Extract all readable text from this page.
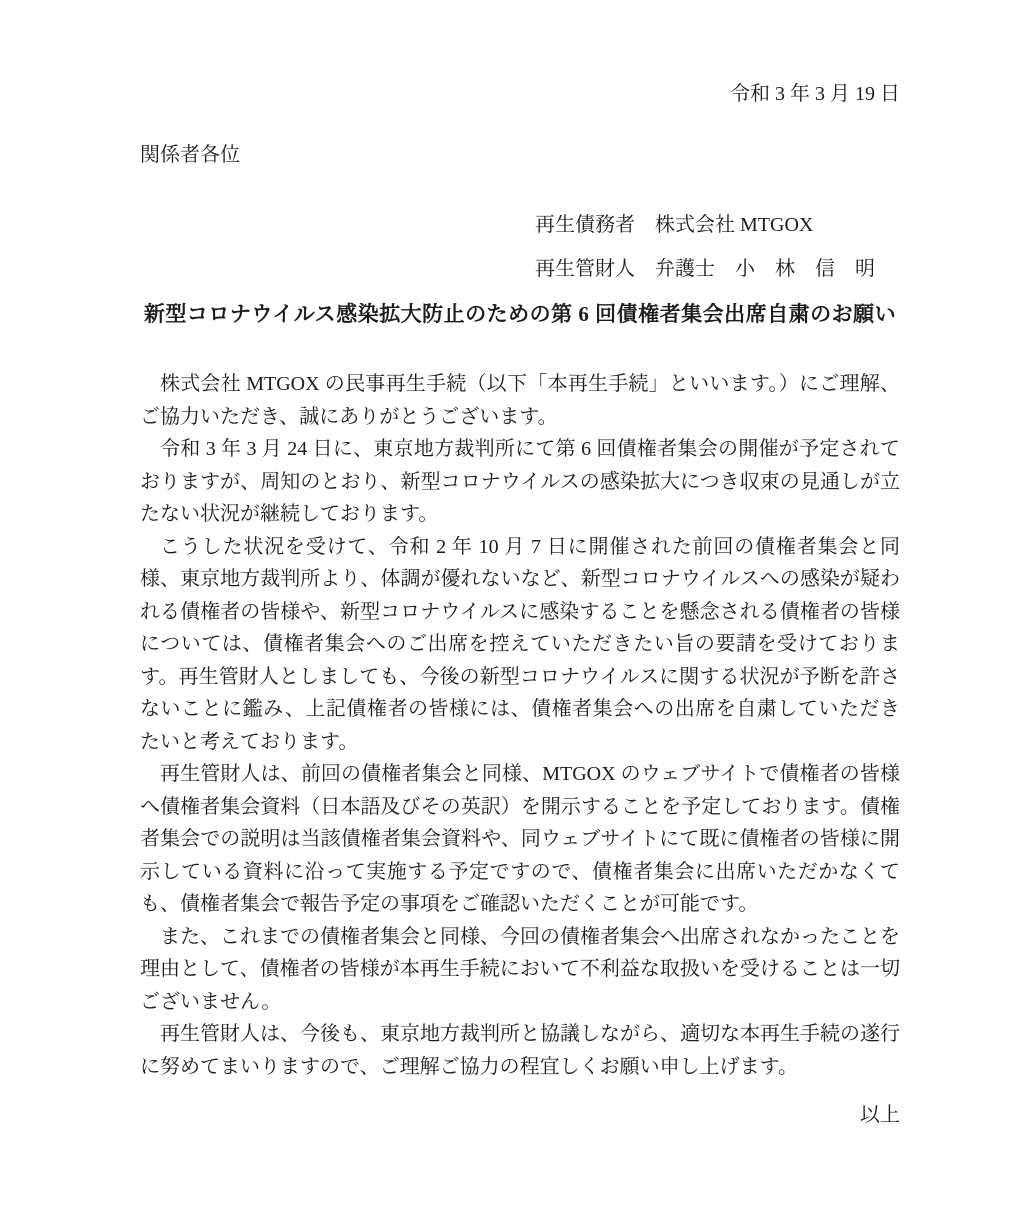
令和 3 年 3 月 19 日
関係者各位
再生債務者　株式会社 MTGOX
再生管財人　弁護士　小　林　信　明
新型コロナウイルス感染拡大防止のための第 6 回債権者集会出席自粛のお願い

株式会社 MTGOX の民事再生手続（以下「本再生手続」といいます。）にご理解、ご協力いただき、誠にありがとうございます。

令和 3 年 3 月 24 日に、東京地方裁判所にて第 6 回債権者集会の開催が予定されておりますが、周知のとおり、新型コロナウイルスの感染拡大につき収束の見通しが立たない状況が継続しております。

こうした状況を受けて、令和 2 年 10 月 7 日に開催された前回の債権者集会と同様、東京地方裁判所より、体調が優れないなど、新型コロナウイルスへの感染が疑われる債権者の皆様や、新型コロナウイルスに感染することを懸念される債権者の皆様については、債権者集会へのご出席を控えていただきたい旨の要請を受けております。再生管財人としましても、今後の新型コロナウイルスに関する状況が予断を許さないことに鑑み、上記債権者の皆様には、債権者集会への出席を自粛していただきたいと考えております。

再生管財人は、前回の債権者集会と同様、MTGOX のウェブサイトで債権者の皆様へ債権者集会資料（日本語及びその英訳）を開示することを予定しております。債権者集会での説明は当該債権者集会資料や、同ウェブサイトにて既に債権者の皆様に開示している資料に沿って実施する予定ですので、債権者集会に出席いただかなくても、債権者集会で報告予定の事項をご確認いただくことが可能です。

また、これまでの債権者集会と同様、今回の債権者集会へ出席されなかったことを理由として、債権者の皆様が本再生手続において不利益な取扱いを受けることは一切ございません。

再生管財人は、今後も、東京地方裁判所と協議しながら、適切な本再生手続の遂行に努めてまいりますので、ご理解ご協力の程宜しくお願い申し上げます。

以上
